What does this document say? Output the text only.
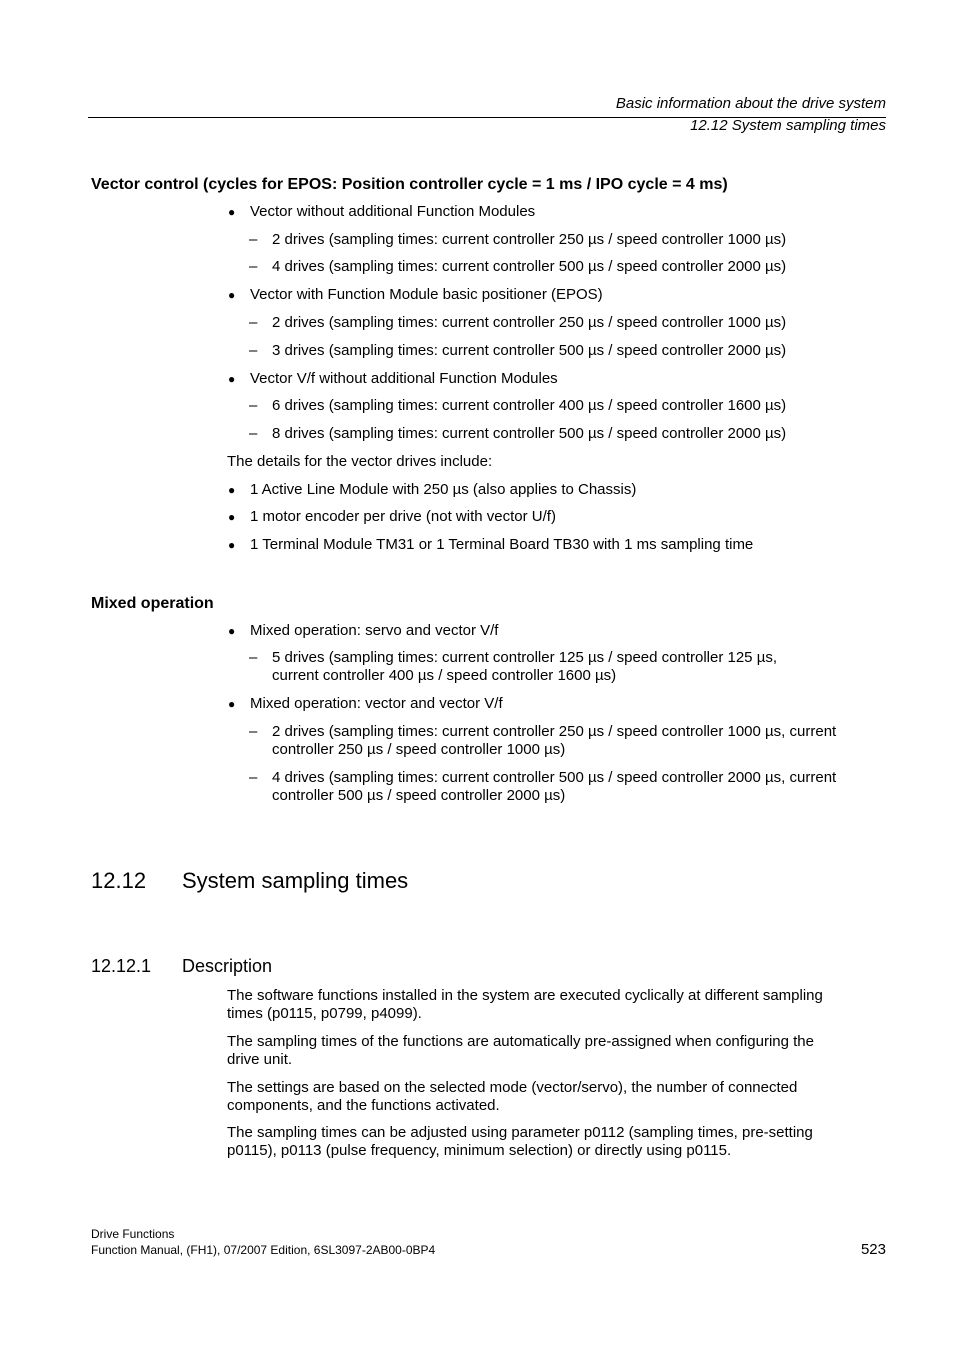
Basic information about the drive system
12.12 System sampling times
Vector control (cycles for EPOS: Position controller cycle = 1 ms / IPO cycle = 4 ms)
● Vector without additional Function Modules
– 2 drives (sampling times: current controller 250 µs / speed controller 1000 µs)
– 4 drives (sampling times: current controller 500 µs / speed controller 2000 µs)
● Vector with Function Module basic positioner (EPOS)
– 2 drives (sampling times: current controller 250 µs / speed controller 1000 µs)
– 3 drives (sampling times: current controller 500 µs / speed controller 2000 µs)
● Vector V/f without additional Function Modules
– 6 drives (sampling times: current controller 400 µs / speed controller 1600 µs)
– 8 drives (sampling times: current controller 500 µs / speed controller 2000 µs)
The details for the vector drives include:
● 1 Active Line Module with 250 µs (also applies to Chassis)
● 1 motor encoder per drive (not with vector U/f)
● 1 Terminal Module TM31 or 1 Terminal Board TB30 with 1 ms sampling time
Mixed operation
● Mixed operation: servo and vector V/f
– 5 drives (sampling times: current controller 125 µs / speed controller 125 µs,
current controller 400 µs / speed controller 1600 µs)
● Mixed operation: vector and vector V/f
– 2 drives (sampling times: current controller 250 µs / speed controller 1000 µs, current
controller 250 µs / speed controller 1000 µs)
– 4 drives (sampling times: current controller 500 µs / speed controller 2000 µs, current
controller 500 µs / speed controller 2000 µs)
12.12 System sampling times
12.12.1 Description
The software functions installed in the system are executed cyclically at different sampling
times (p0115, p0799, p4099).
The sampling times of the functions are automatically pre-assigned when configuring the
drive unit.
The settings are based on the selected mode (vector/servo), the number of connected
components, and the functions activated.
The sampling times can be adjusted using parameter p0112 (sampling times, pre-setting
p0115), p0113 (pulse frequency, minimum selection) or directly using p0115.
Drive Functions
Function Manual, (FH1), 07/2007 Edition, 6SL3097-2AB00-0BP4	523
